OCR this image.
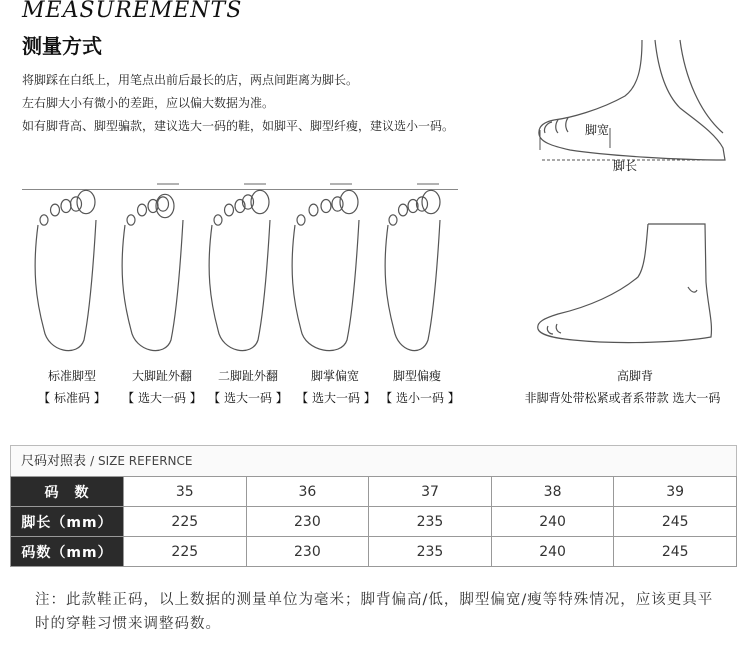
MEASUREMENTS
测量方式
将脚踩在白纸上，用笔点出前后最长的店，两点间距离为脚长。
左右脚大小有微小的差距，应以偏大数据为准。
如有脚背高、脚型骗款，建议选大一码的鞋，如脚平、脚型纤瘦，建议选小一码。	脚宽
脚长
标准脚型
【 标准码 】
大脚趾外翻
【 选大一码 】
二脚趾外翻
【 选大一码 】
脚掌偏宽
【 选大一码 】
脚型偏瘦
【 选小一码 】
高脚背
非脚背处带松紧或者系带款 选大一码
尺码对照表 / SIZE REFERNCE
码　数	35	36	37	38	39
脚长（mm）	225	230	235	240	245
码数（mm）	225	230	235	240	245
注：此款鞋正码，以上数据的测量单位为毫米；脚背偏高/低，脚型偏宽/瘦等特殊情况，应该更具平时的穿鞋习惯来调整码数。
